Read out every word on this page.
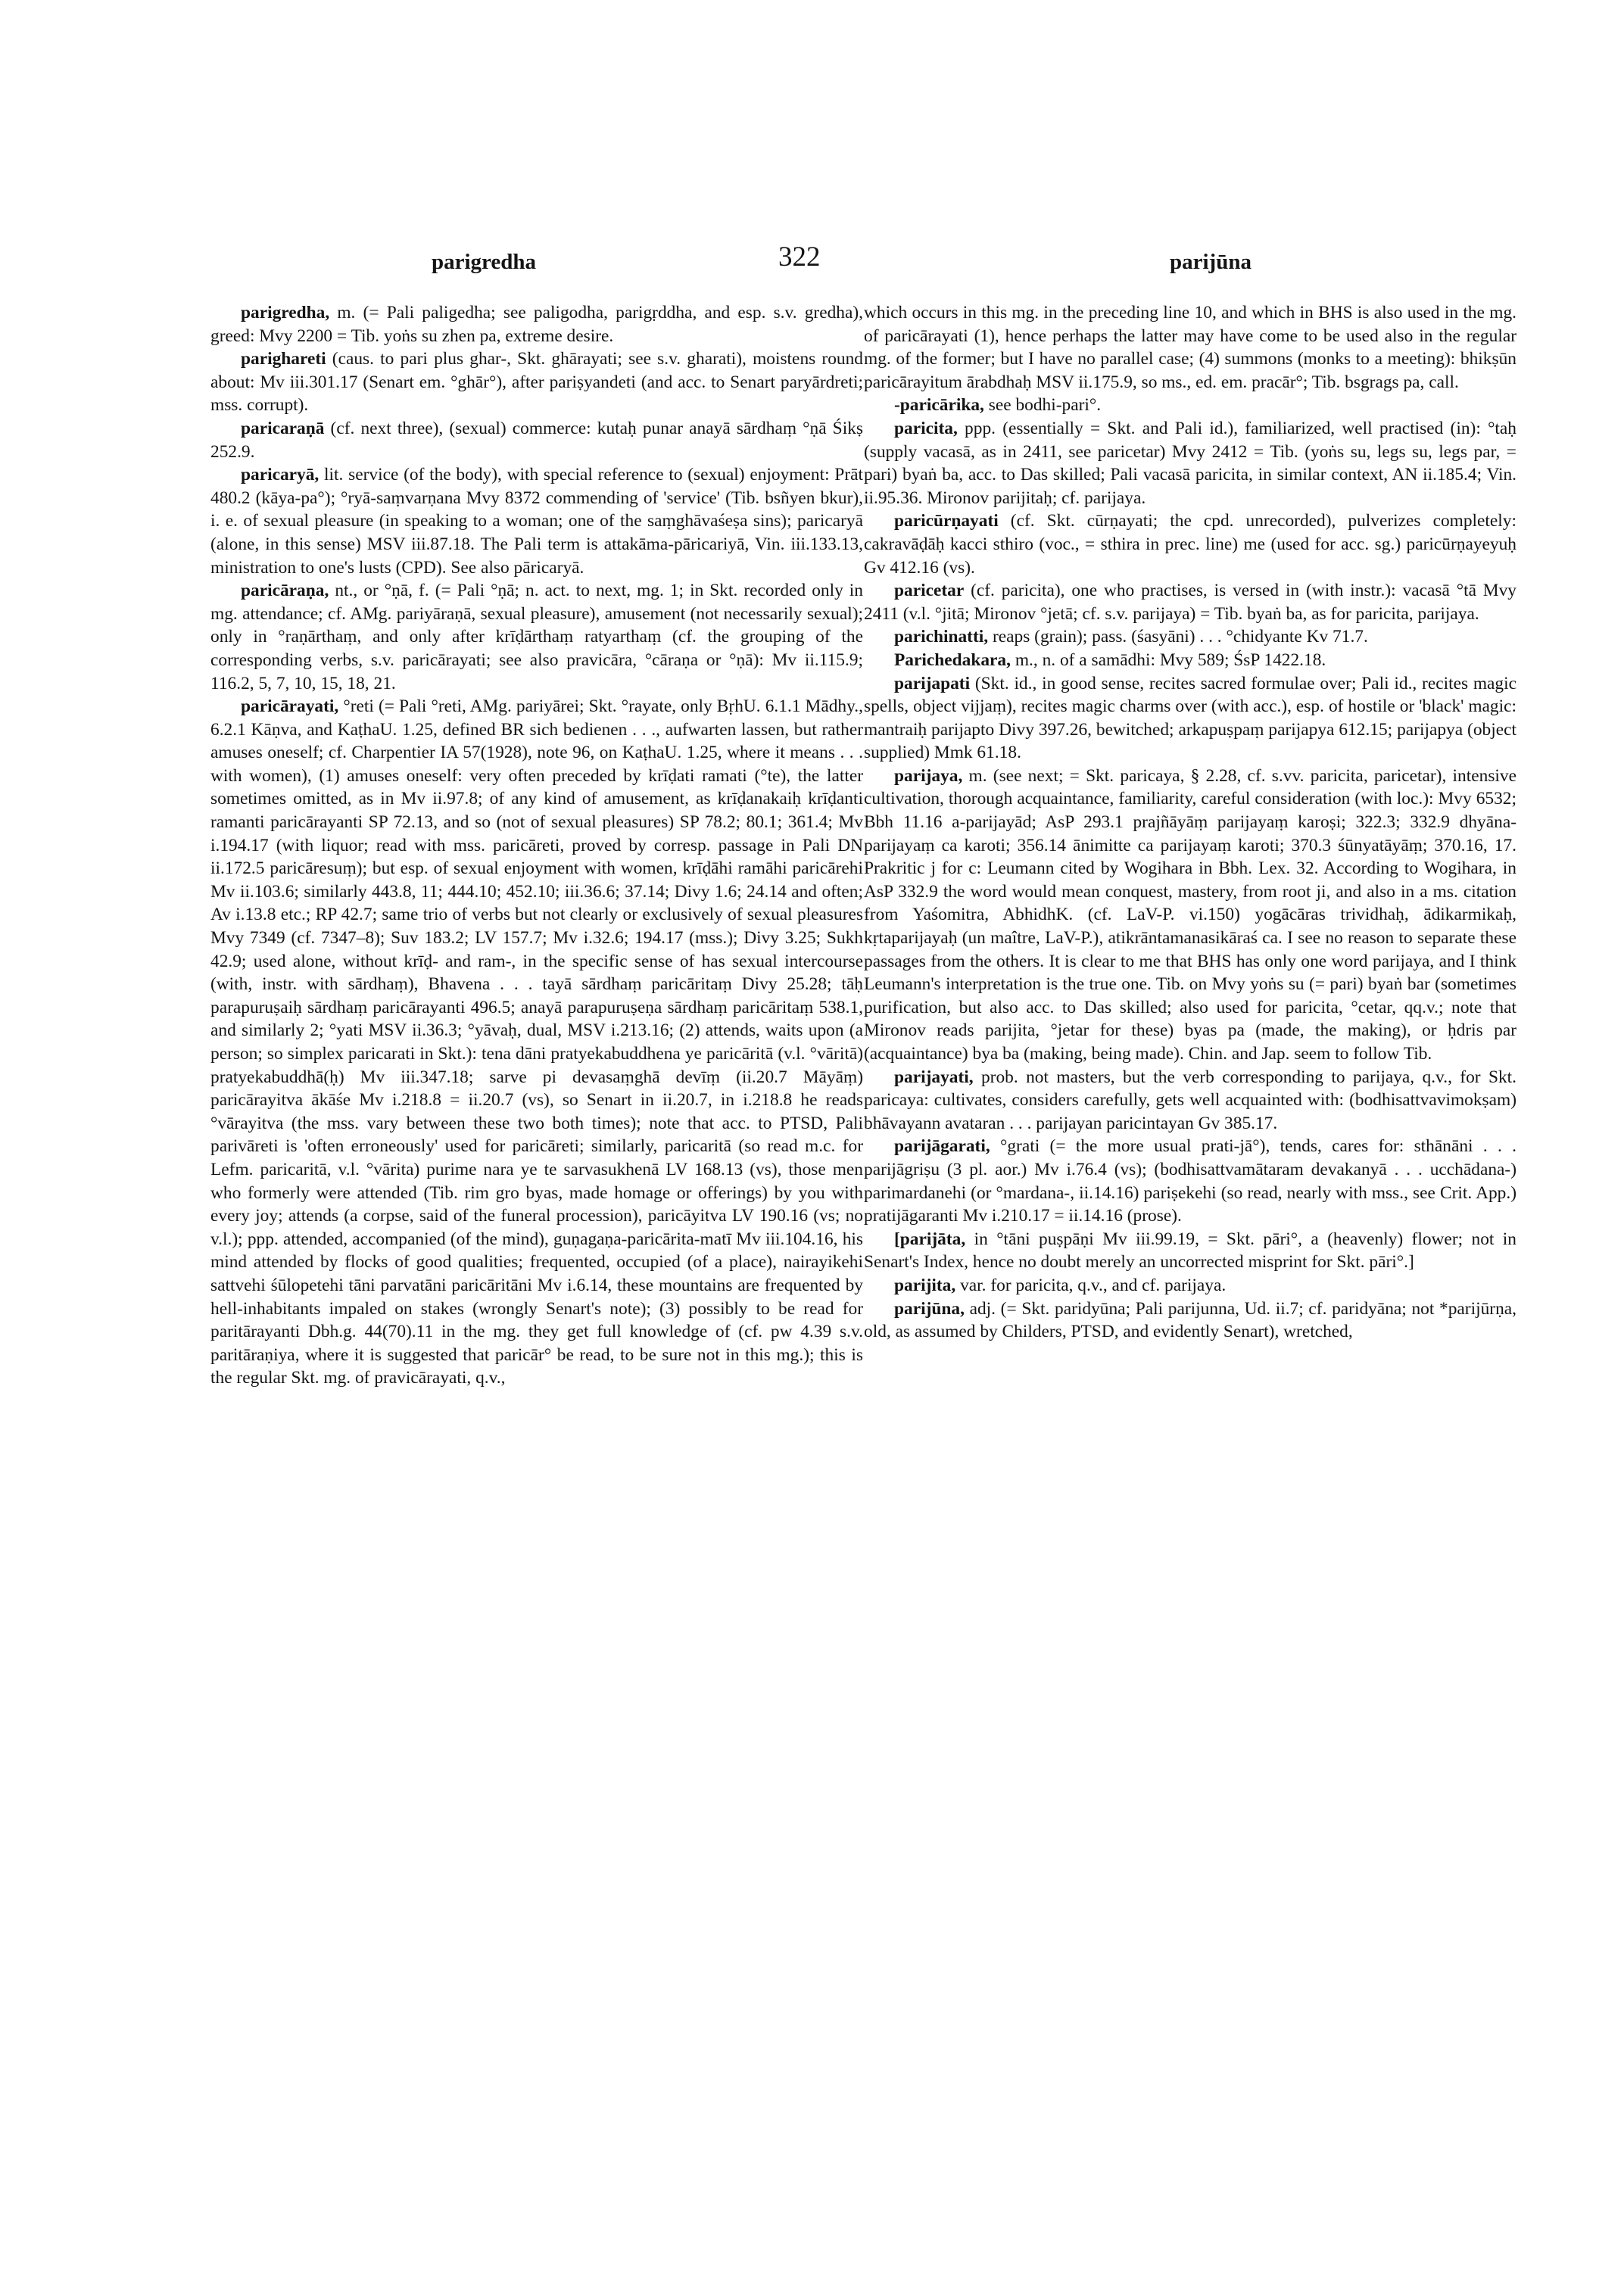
parigredha	322	parijūna

parigredha, m. (= Pali paligedha; see paligodha, parigṛddha, and esp. s.v. gredha), greed: Mvy 2200 = Tib. yoṅs su zhen pa, extreme desire.

parighareti (caus. to pari plus ghar-, Skt. ghārayati; see s.v. gharati), moistens round about: Mv iii.301.17 (Senart em. °ghār°), after pariṣyandeti (and acc. to Senart paryārdreti; mss. corrupt).

paricaraṇā (cf. next three), (sexual) commerce: kutaḥ punar anayā sārdhaṃ °ṇā Śikṣ 252.9.

paricaryā, lit. service (of the body), with special reference to (sexual) enjoyment: Prāt 480.2 (kāya-pa°); °ryā-saṃvarṇana Mvy 8372 commending of 'service' (Tib. bsñyen bkur), i. e. of sexual pleasure (in speaking to a woman; one of the saṃghāvaśeṣa sins); paricaryā (alone, in this sense) MSV iii.87.18. The Pali term is attakāma-pāricariyā, Vin. iii.133.13, ministration to one's lusts (CPD). See also pāricaryā.

paricāraṇa, nt., or °ṇā, f. (= Pali °ṇā; n. act. to next, mg. 1; in Skt. recorded only in mg. attendance; cf. AMg. pariyāraṇā, sexual pleasure), amusement (not necessarily sexual); only in °raṇārthaṃ, and only after krīḍārthaṃ ratyarthaṃ (cf. the grouping of the corresponding verbs, s.v. paricārayati; see also pravicāra, °cāraṇa or °ṇā): Mv ii.115.9; 116.2, 5, 7, 10, 15, 18, 21.

paricārayati, °reti (= Pali °reti, AMg. pariyārei; Skt. °rayate, only BṛhU. 6.1.1 Mādhy., 6.2.1 Kāṇva, and KaṭhaU. 1.25, defined BR sich bedienen . . ., aufwarten lassen, but rather amuses oneself; cf. Charpentier IA 57(1928), note 96, on KaṭhaU. 1.25, where it means . . . with women), (1) amuses oneself: very often preceded by krīḍati ramati (°te), the latter sometimes omitted, as in Mv ii.97.8; of any kind of amusement, as krīḍanakaiḥ krīḍanti ramanti paricārayanti SP 72.13, and so (not of sexual pleasures) SP 78.2; 80.1; 361.4; Mv i.194.17 (with liquor; read with mss. paricāreti, proved by corresp. passage in Pali DN ii.172.5 paricāresuṃ); but esp. of sexual enjoyment with women, krīḍāhi ramāhi paricārehi Mv ii.103.6; similarly 443.8, 11; 444.10; 452.10; iii.36.6; 37.14; Divy 1.6; 24.14 and often; Av i.13.8 etc.; RP 42.7; same trio of verbs but not clearly or exclusively of sexual pleasures Mvy 7349 (cf. 7347–8); Suv 183.2; LV 157.7; Mv i.32.6; 194.17 (mss.); Divy 3.25; Sukh 42.9; used alone, without krīḍ- and ram-, in the specific sense of has sexual intercourse (with, instr. with sārdhaṃ), Bhavena . . . tayā sārdhaṃ paricāritaṃ Divy 25.28; tāḥ parapuruṣaiḥ sārdhaṃ paricārayanti 496.5; anayā parapuruṣeṇa sārdhaṃ paricāritaṃ 538.1, and similarly 2; °yati MSV ii.36.3; °yāvaḥ, dual, MSV i.213.16; (2) attends, waits upon (a person; so simplex paricarati in Skt.): tena dāni pratyekabuddhena ye paricāritā (v.l. °vāritā) pratyekabuddhā(ḥ) Mv iii.347.18; sarve pi devasaṃghā devīṃ (ii.20.7 Māyāṃ) paricārayitva ākāśe Mv i.218.8 = ii.20.7 (vs), so Senart in ii.20.7, in i.218.8 he reads °vārayitva (the mss. vary between these two both times); note that acc. to PTSD, Pali parivāreti is 'often erroneously' used for paricāreti; similarly, paricaritā (so read m.c. for Lefm. paricaritā, v.l. °vārita) purime nara ye te sarvasukhenā LV 168.13 (vs), those men who formerly were attended (Tib. rim gro byas, made homage or offerings) by you with every joy; attends (a corpse, said of the funeral procession), paricāyitva LV 190.16 (vs; no v.l.); ppp. attended, accompanied (of the mind), guṇagaṇa-paricārita-matī Mv iii.104.16, his mind attended by flocks of good qualities; frequented, occupied (of a place), nairayikehi sattvehi śūlopetehi tāni parvatāni paricāritāni Mv i.6.14, these mountains are frequented by hell-inhabitants impaled on stakes (wrongly Senart's note); (3) possibly to be read for paritārayanti Dbh.g. 44(70).11 in the mg. they get full knowledge of (cf. pw 4.39 s.v. paritāraṇiya, where it is suggested that paricār° be read, to be sure not in this mg.); this is the regular Skt. mg. of pravicārayati, q.v.,

which occurs in this mg. in the preceding line 10, and which in BHS is also used in the mg. of paricārayati (1), hence perhaps the latter may have come to be used also in the regular mg. of the former; but I have no parallel case; (4) summons (monks to a meeting): bhikṣūn paricārayitum ārabdhaḥ MSV ii.175.9, so ms., ed. em. pracār°; Tib. bsgrags pa, call.

-paricārika, see bodhi-pari°.

paricita, ppp. (essentially = Skt. and Pali id.), familiarized, well practised (in): °taḥ (supply vacasā, as in 2411, see paricetar) Mvy 2412 = Tib. (yoṅs su, legs su, legs par, = pari) byaṅ ba, acc. to Das skilled; Pali vacasā paricita, in similar context, AN ii.185.4; Vin. ii.95.36. Mironov parijitaḥ; cf. parijaya.

paricūrṇayati (cf. Skt. cūrṇayati; the cpd. unrecorded), pulverizes completely: cakravāḍāḥ kacci sthiro (voc., = sthira in prec. line) me (used for acc. sg.) paricūrṇayeyuḥ Gv 412.16 (vs).

paricetar (cf. paricita), one who practises, is versed in (with instr.): vacasā °tā Mvy 2411 (v.l. °jitā; Mironov °jetā; cf. s.v. parijaya) = Tib. byaṅ ba, as for paricita, parijaya.

parichinatti, reaps (grain); pass. (śasyāni) . . . °chidyante Kv 71.7.

Parichedakara, m., n. of a samādhi: Mvy 589; ŚsP 1422.18.

parijapati (Skt. id., in good sense, recites sacred formulae over; Pali id., recites magic spells, object vijjaṃ), recites magic charms over (with acc.), esp. of hostile or 'black' magic: mantraiḥ parijapto Divy 397.26, bewitched; arkapuṣpaṃ parijapya 612.15; parijapya (object supplied) Mmk 61.18.

parijaya, m. (see next; = Skt. paricaya, § 2.28, cf. s.vv. paricita, paricetar), intensive cultivation, thorough acquaintance, familiarity, careful consideration (with loc.): Mvy 6532; Bbh 11.16 a-parijayād; AsP 293.1 prajñāyāṃ parijayaṃ karoṣi; 322.3; 332.9 dhyāna-parijayaṃ ca karoti; 356.14 ānimitte ca parijayaṃ karoti; 370.3 śūnyatāyāṃ; 370.16, 17. Prakritic j for c: Leumann cited by Wogihara in Bbh. Lex. 32. According to Wogihara, in AsP 332.9 the word would mean conquest, mastery, from root ji, and also in a ms. citation from Yaśomitra, AbhidhK. (cf. LaV-P. vi.150) yogācāras trividhaḥ, ādikarmikaḥ, kṛtaparijayaḥ (un maître, LaV-P.), atikrāntamanasikāraś ca. I see no reason to separate these passages from the others. It is clear to me that BHS has only one word parijaya, and I think Leumann's interpretation is the true one. Tib. on Mvy yoṅs su (= pari) byaṅ bar (sometimes purification, but also acc. to Das skilled; also used for paricita, °cetar, qq.v.; note that Mironov reads parijita, °jetar for these) byas pa (made, the making), or ḥdris par (acquaintance) bya ba (making, being made). Chin. and Jap. seem to follow Tib.

parijayati, prob. not masters, but the verb corresponding to parijaya, q.v., for Skt. paricaya: cultivates, considers carefully, gets well acquainted with: (bodhisattvavimokṣam) bhāvayann avataran . . . parijayan paricintayan Gv 385.17.

parijāgarati, °grati (= the more usual prati-jā°), tends, cares for: sthānāni . . . parijāgriṣu (3 pl. aor.) Mv i.76.4 (vs); (bodhisattvamātaram devakanyā . . . ucchādana-) parimardanehi (or °mardana-, ii.14.16) pariṣekehi (so read, nearly with mss., see Crit. App.) pratijāgaranti Mv i.210.17 = ii.14.16 (prose).

[parijāta, in °tāni puṣpāṇi Mv iii.99.19, = Skt. pāri°, a (heavenly) flower; not in Senart's Index, hence no doubt merely an uncorrected misprint for Skt. pāri°.]

parijita, var. for paricita, q.v., and cf. parijaya.

parijūna, adj. (= Skt. paridyūna; Pali parijunna, Ud. ii.7; cf. paridyāna; not *parijūrṇa, old, as assumed by Childers, PTSD, and evidently Senart), wretched,
